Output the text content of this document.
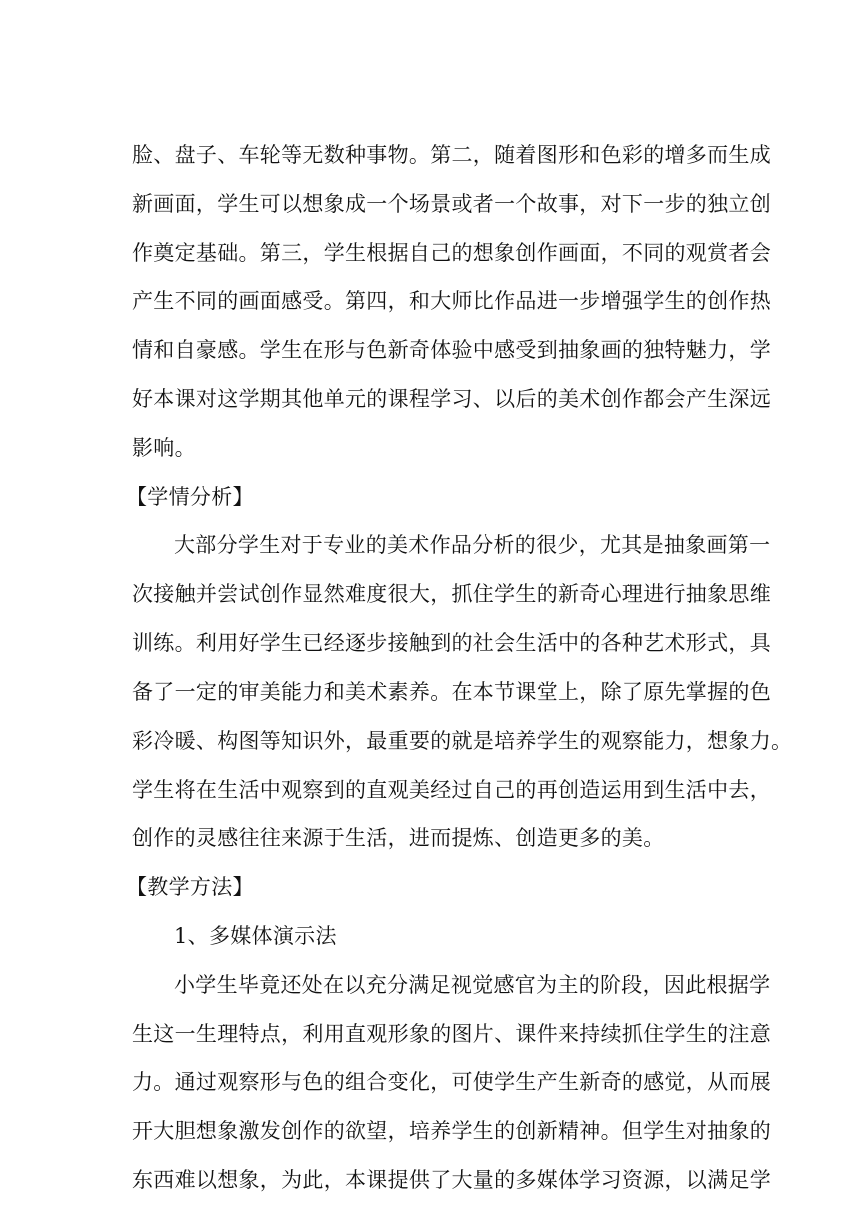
脸、盘子、车轮等无数种事物。第二，随着图形和色彩的增多而生成
新画面，学生可以想象成一个场景或者一个故事，对下一步的独立创
作奠定基础。第三，学生根据自己的想象创作画面，不同的观赏者会
产生不同的画面感受。第四，和大师比作品进一步增强学生的创作热
情和自豪感。学生在形与色新奇体验中感受到抽象画的独特魅力，学
好本课对这学期其他单元的课程学习、以后的美术创作都会产生深远
影响。
【学情分析】
大部分学生对于专业的美术作品分析的很少，尤其是抽象画第一
次接触并尝试创作显然难度很大，抓住学生的新奇心理进行抽象思维
训练。利用好学生已经逐步接触到的社会生活中的各种艺术形式，具
备了一定的审美能力和美术素养。在本节课堂上，除了原先掌握的色
彩冷暖、构图等知识外，最重要的就是培养学生的观察能力，想象力。
学生将在生活中观察到的直观美经过自己的再创造运用到生活中去，
创作的灵感往往来源于生活，进而提炼、创造更多的美。
【教学方法】
1、多媒体演示法
小学生毕竟还处在以充分满足视觉感官为主的阶段，因此根据学
生这一生理特点，利用直观形象的图片、课件来持续抓住学生的注意
力。通过观察形与色的组合变化，可使学生产生新奇的感觉，从而展
开大胆想象激发创作的欲望，培养学生的创新精神。但学生对抽象的
东西难以想象，为此，本课提供了大量的多媒体学习资源，以满足学
